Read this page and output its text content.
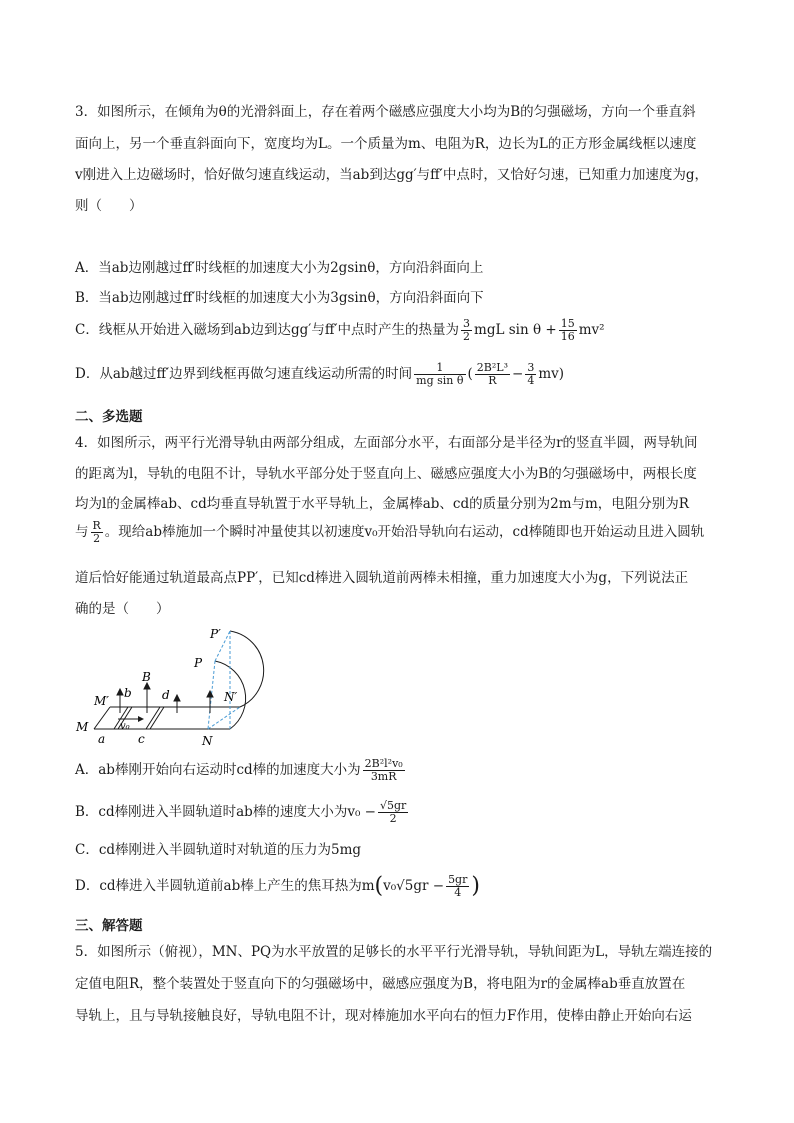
3．如图所示，在倾角为θ的光滑斜面上，存在着两个磁感应强度大小均为B的匀强磁场，方向一个垂直斜
面向上，另一个垂直斜面向下，宽度均为L。一个质量为m、电阻为R，边长为L的正方形金属线框以速度
v刚进入上边磁场时，恰好做匀速直线运动，当ab到达gg′与ff′中点时，又恰好匀速，已知重力加速度为g，
则（　　）
A．当ab边刚越过ff′时线框的加速度大小为2gsinθ，方向沿斜面向上
B．当ab边刚越过ff′时线框的加速度大小为3gsinθ，方向沿斜面向下
C．线框从开始进入磁场到ab边到达gg′与ff′中点时产生的热量为 $\frac{3}{2}$ mgL $\sin \theta + \frac{15}{16} mv^2$
D．从ab越过ff′边界到线框再做匀速直线运动所需的时间 $\frac{1}{\text{mg sin θ}}$ ( $\frac{\text{2B²L³}}{R} - \frac{3}{4} mv$)
二、多选题
4．如图所示，两平行光滑导轨由两部分组成，左面部分水平，右面部分是半径为r的竖直半圆，两导轨间
的距离为l，导轨的电阻不计，导轨水平部分处于竖直向上、磁感应强度大小为B的匀强磁场中，两根长度
均为l的金属棒ab、cd均垂直导轨置于水平导轨上，金属棒ab、cd的质量分别为2m与m，电阻分别为R
与 $\frac{R}{2}$ 。现给ab棒施加一个瞬时冲量使其以初速度v₀开始沿导轨向右运动，cd棒随即也开始运动且进入圆轨
道后恰好能通过轨道最高点PP′，已知cd棒进入圆轨道前两棒未相撞，重力加速度大小为g，下列说法正
确的是（　　）
P′
P
B
M′
b	d	N′
M	v₀
a	c	N
A．ab棒刚开始向右运动时cd棒的加速度大小为 $\frac{\text{2B²l²v₀}}{3mR}$
B．cd棒刚进入半圆轨道时ab棒的速度大小为$v_0 - \frac{√5gr}{2}$
C．cd棒刚进入半圆轨道时对轨道的压力为5mg
D．cd棒进入半圆轨道前ab棒上产生的焦耳热为$m(v_0√5gr - \frac{5gr}{4}$ )
三、解答题
5．如图所示（俯视），MN、PQ为水平放置的足够长的水平平行光滑导轨，导轨间距为L，导轨左端连接的
定值电阻R，整个装置处于竖直向下的匀强磁场中，磁感应强度为B，将电阻为r的金属棒ab垂直放置在
导轨上，且与导轨接触良好，导轨电阻不计，现对棒施加水平向右的恒力F作用，使棒由静止开始向右运
